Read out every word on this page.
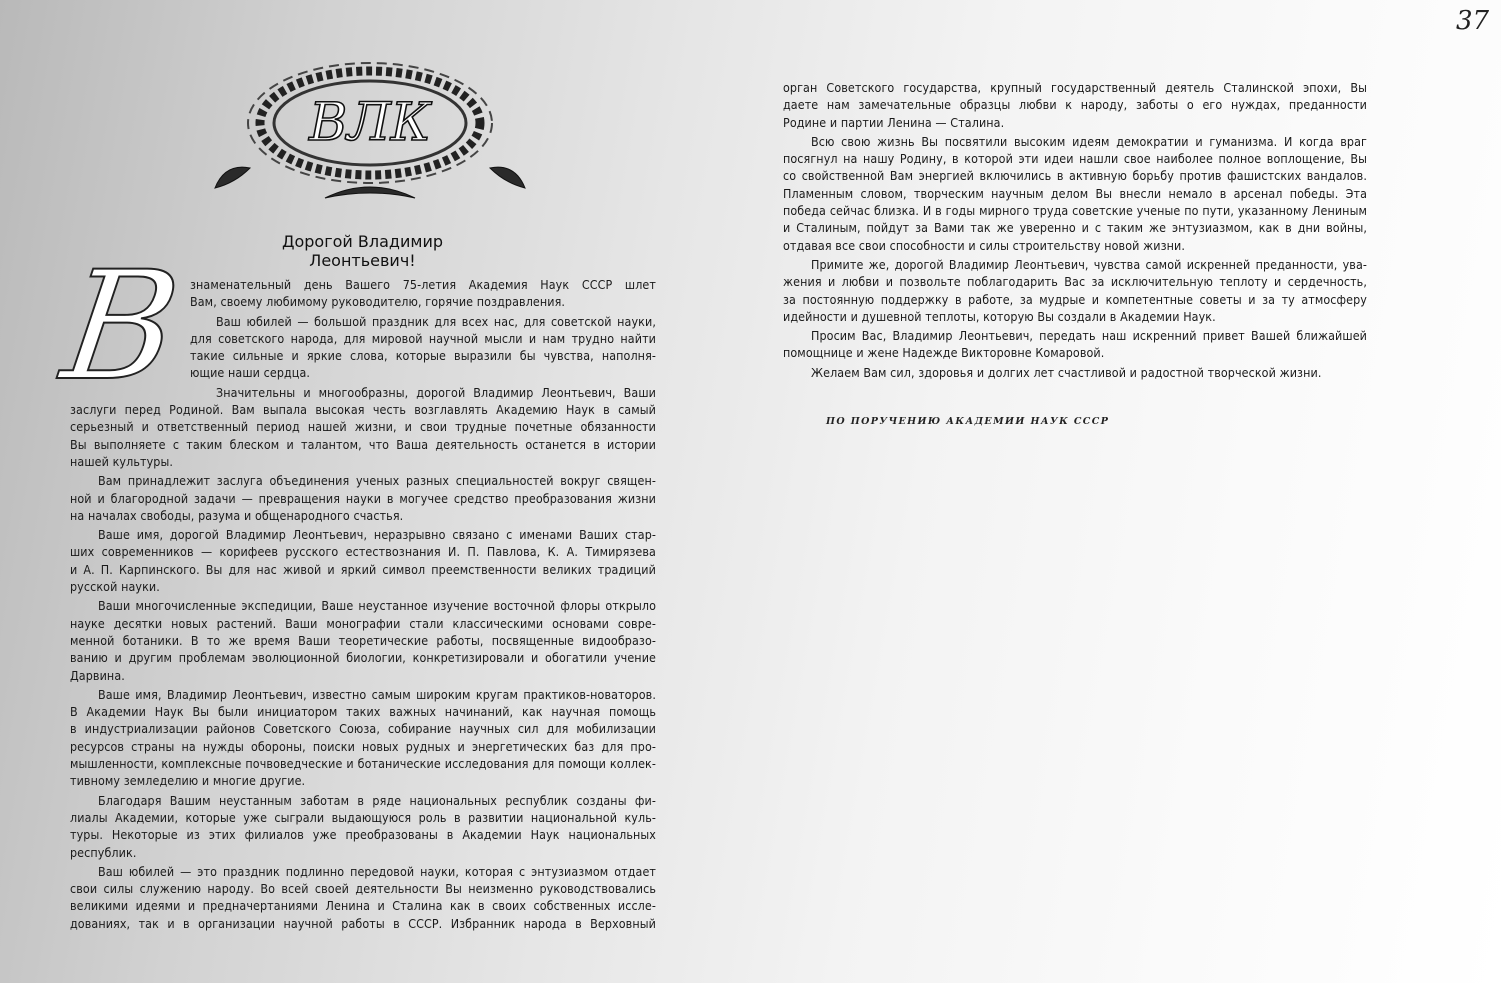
37
ВЛК
Дорогой Владимир Леонтьевич!
В знаменательный день Вашего 75-летия Академия Наук СССР шлет
Вам, своему любимому руководителю, горячие поздравления.
Ваш юбилей — большой праздник для всех нас, для советской науки,
для советского народа, для мировой научной мысли и нам трудно найти
такие сильные и яркие слова, которые выразили бы чувства, наполня-
ющие наши сердца.
Значительны и многообразны, дорогой Владимир Леонтьевич, Ваши
заслуги перед Родиной. Вам выпала высокая честь возглавлять Академию Наук в самый
серьезный и ответственный период нашей жизни, и свои трудные почетные обязанности
Вы выполняете с таким блеском и талантом, что Ваша деятельность останется в истории
нашей культуры.
Вам принадлежит заслуга объединения ученых разных специальностей вокруг священ-
ной и благородной задачи — превращения науки в могучее средство преобразования жизни
на началах свободы, разума и общенародного счастья.
Ваше имя, дорогой Владимир Леонтьевич, неразрывно связано с именами Ваших стар-
ших современников — корифеев русского естествознания И. П. Павлова, К. А. Тимирязева
и А. П. Карпинского. Вы для нас живой и яркий символ преемственности великих традиций
русской науки.
Ваши многочисленные экспедиции, Ваше неустанное изучение восточной флоры открыло
науке десятки новых растений. Ваши монографии стали классическими основами совре-
менной ботаники. В то же время Ваши теоретические работы, посвященные видообразо-
ванию и другим проблемам эволюционной биологии, конкретизировали и обогатили учение
Дарвина.
Ваше имя, Владимир Леонтьевич, известно самым широким кругам практиков-новаторов.
В Академии Наук Вы были инициатором таких важных начинаний, как научная помощь
в индустриализации районов Советского Союза, собирание научных сил для мобилизации
ресурсов страны на нужды обороны, поиски новых рудных и энергетических баз для про-
мышленности, комплексные почвоведческие и ботанические исследования для помощи коллек-
тивному земледелию и многие другие.
Благодаря Вашим неустанным заботам в ряде национальных республик созданы фи-
лиалы Академии, которые уже сыграли выдающуюся роль в развитии национальной куль-
туры. Некоторые из этих филиалов уже преобразованы в Академии Наук национальных
республик.
Ваш юбилей — это праздник подлинно передовой науки, которая с энтузиазмом отдает
свои силы служению народу. Во всей своей деятельности Вы неизменно руководствовались
великими идеями и предначертаниями Ленина и Сталина как в своих собственных иссле-
дованиях, так и в организации научной работы в СССР. Избранник народа в Верховный
орган Советского государства, крупный государственный деятель Сталинской эпохи, Вы
даете нам замечательные образцы любви к народу, заботы о его нуждах, преданности
Родине и партии Ленина — Сталина.
Всю свою жизнь Вы посвятили высоким идеям демократии и гуманизма. И когда враг
посягнул на нашу Родину, в которой эти идеи нашли свое наиболее полное воплощение, Вы
со свойственной Вам энергией включились в активную борьбу против фашистских вандалов.
Пламенным словом, творческим научным делом Вы внесли немало в арсенал победы. Эта
победа сейчас близка. И в годы мирного труда советские ученые по пути, указанному Лениным
и Сталиным, пойдут за Вами так же уверенно и с таким же энтузиазмом, как в дни войны,
отдавая все свои способности и силы строительству новой жизни.
Примите же, дорогой Владимир Леонтьевич, чувства самой искренней преданности, ува-
жения и любви и позвольте поблагодарить Вас за исключительную теплоту и сердечность,
за постоянную поддержку в работе, за мудрые и компетентные советы и за ту атмосферу
идейности и душевной теплоты, которую Вы создали в Академии Наук.
Просим Вас, Владимир Леонтьевич, передать наш искренний привет Вашей ближайшей
помощнице и жене Надежде Викторовне Комаровой.
Желаем Вам сил, здоровья и долгих лет счастливой и радостной творческой жизни.
ПО ПОРУЧЕНИЮ АКАДЕМИИ НАУК СССР
